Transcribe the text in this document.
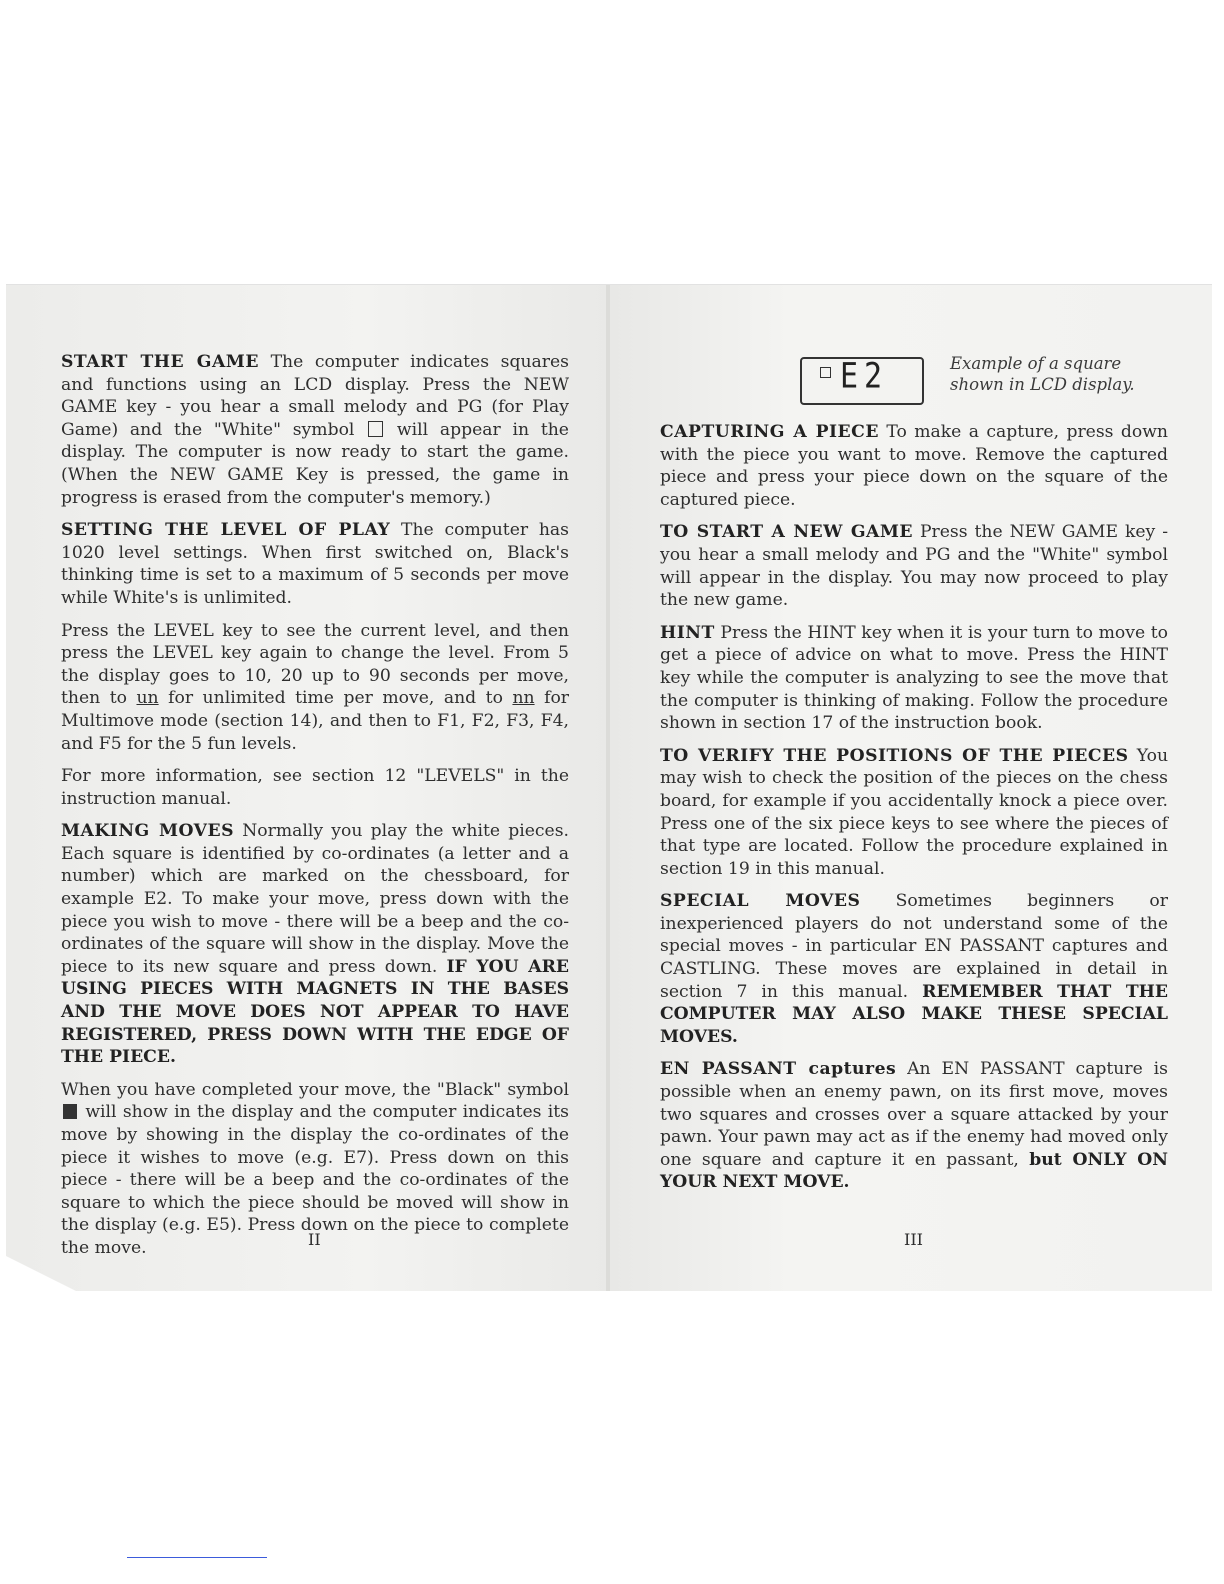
START THE GAME The computer indicates squares and functions using an LCD display. Press the NEW GAME key - you hear a small melody and PG (for Play Game) and the "White" symbol  will appear in the display. The computer is now ready to start the game. (When the NEW GAME Key is pressed, the game in progress is erased from the computer's memory.)

SETTING THE LEVEL OF PLAY The computer has 1020 level settings. When first switched on, Black's thinking time is set to a maximum of 5 seconds per move while White's is unlimited.

Press the LEVEL key to see the current level, and then press the LEVEL key again to change the level. From 5 the display goes to 10, 20 up to 90 seconds per move, then to un for unlimited time per move, and to nn for Multimove mode (section 14), and then to F1, F2, F3, F4, and F5 for the 5 fun levels.

For more information, see section 12 "LEVELS" in the instruction manual.

MAKING MOVES Normally you play the white pieces. Each square is identified by co-ordinates (a letter and a number) which are marked on the chessboard, for example E2. To make your move, press down with the piece you wish to move - there will be a beep and the co-ordinates of the square will show in the display. Move the piece to its new square and press down. IF YOU ARE USING PIECES WITH MAGNETS IN THE BASES AND THE MOVE DOES NOT APPEAR TO HAVE REGISTERED, PRESS DOWN WITH THE EDGE OF THE PIECE.

When you have completed your move, the "Black" symbol  will show in the display and the computer indicates its move by showing in the display the co-ordinates of the piece it wishes to move (e.g. E7). Press down on this piece - there will be a beep and the co-ordinates of the square to which the piece should be moved will show in the display (e.g. E5). Press down on the piece to complete the move.	II
E2	Example of a square shown in LCD display.

CAPTURING A PIECE To make a capture, press down with the piece you want to move. Remove the captured piece and press your piece down on the square of the captured piece.

TO START A NEW GAME Press the NEW GAME key - you hear a small melody and PG and the "White" symbol will appear in the display. You may now proceed to play the new game.

HINT Press the HINT key when it is your turn to move to get a piece of advice on what to move. Press the HINT key while the computer is analyzing to see the move that the computer is thinking of making. Follow the procedure shown in section 17 of the instruction book.

TO VERIFY THE POSITIONS OF THE PIECES You may wish to check the position of the pieces on the chess board, for example if you accidentally knock a piece over. Press one of the six piece keys to see where the pieces of that type are located. Follow the procedure explained in section 19 in this manual.

SPECIAL MOVES Sometimes beginners or inexperienced players do not understand some of the special moves - in particular EN PASSANT captures and CASTLING. These moves are explained in detail in section 7 in this manual. REMEMBER THAT THE COMPUTER MAY ALSO MAKE THESE SPECIAL MOVES.

EN PASSANT captures An EN PASSANT capture is possible when an enemy pawn, on its first move, moves two squares and crosses over a square attacked by your pawn. Your pawn may act as if the enemy had moved only one square and capture it en passant, but ONLY ON YOUR NEXT MOVE.

III
